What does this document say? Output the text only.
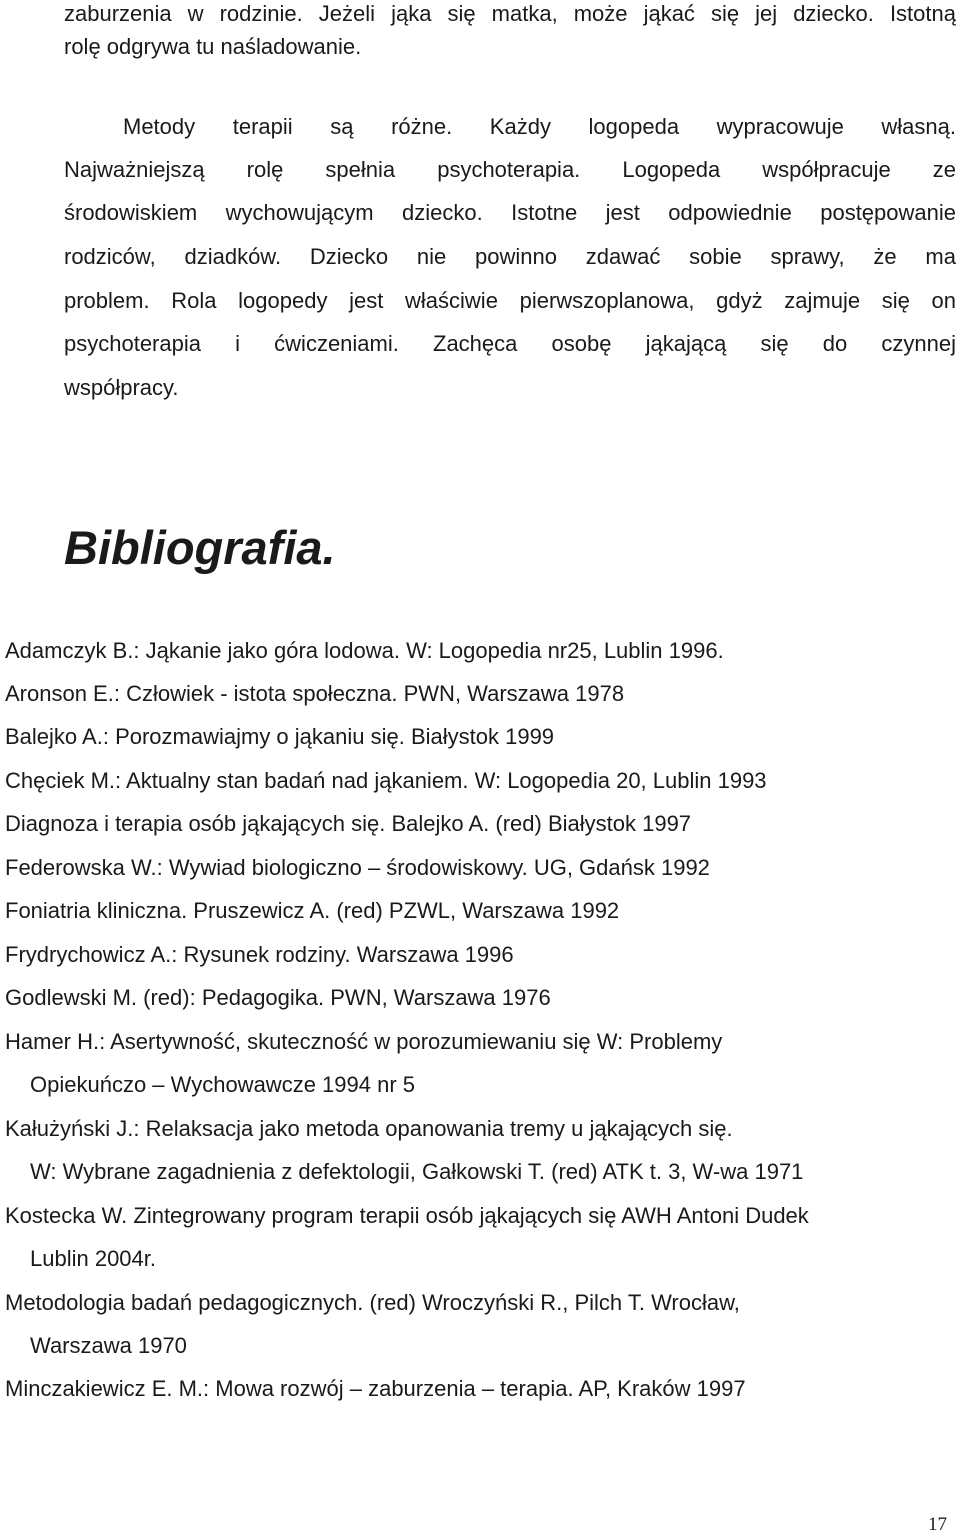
zaburzenia w rodzinie. Jeżeli jąka się matka, może jąkać się jej dziecko. Istotną
rolę odgrywa tu naśladowanie.
Metody terapii są różne. Każdy logopeda wypracowuje własną.
Najważniejszą rolę spełnia psychoterapia. Logopeda współpracuje ze
środowiskiem wychowującym dziecko. Istotne jest odpowiednie postępowanie
rodziców, dziadków. Dziecko nie powinno zdawać sobie sprawy, że ma
problem. Rola logopedy jest właściwie pierwszoplanowa, gdyż zajmuje się on
psychoterapia i ćwiczeniami. Zachęca osobę jąkającą się do czynnej
współpracy.
Bibliografia.
Adamczyk B.: Jąkanie jako góra lodowa. W: Logopedia nr25, Lublin 1996.
Aronson E.: Człowiek - istota społeczna. PWN, Warszawa 1978
Balejko A.: Porozmawiajmy o jąkaniu się. Białystok 1999
Chęciek M.: Aktualny stan badań nad jąkaniem. W: Logopedia 20, Lublin 1993
Diagnoza i terapia osób jąkających się. Balejko A. (red) Białystok 1997
Federowska W.: Wywiad biologiczno – środowiskowy. UG, Gdańsk 1992
Foniatria kliniczna. Pruszewicz A. (red) PZWL, Warszawa 1992
Frydrychowicz A.: Rysunek rodziny. Warszawa 1996
Godlewski M. (red): Pedagogika. PWN, Warszawa 1976
Hamer H.: Asertywność, skuteczność w porozumiewaniu się W: Problemy
Opiekuńczo – Wychowawcze 1994 nr 5
Kałużyński J.: Relaksacja jako metoda opanowania tremy u jąkających się.
W: Wybrane zagadnienia z defektologii, Gałkowski T. (red) ATK t. 3, W-wa 1971
Kostecka W. Zintegrowany program terapii osób jąkających się AWH Antoni Dudek
Lublin 2004r.
Metodologia badań pedagogicznych. (red) Wroczyński R., Pilch T. Wrocław,
Warszawa 1970
Minczakiewicz E. M.: Mowa rozwój – zaburzenia – terapia. AP, Kraków 1997
17
